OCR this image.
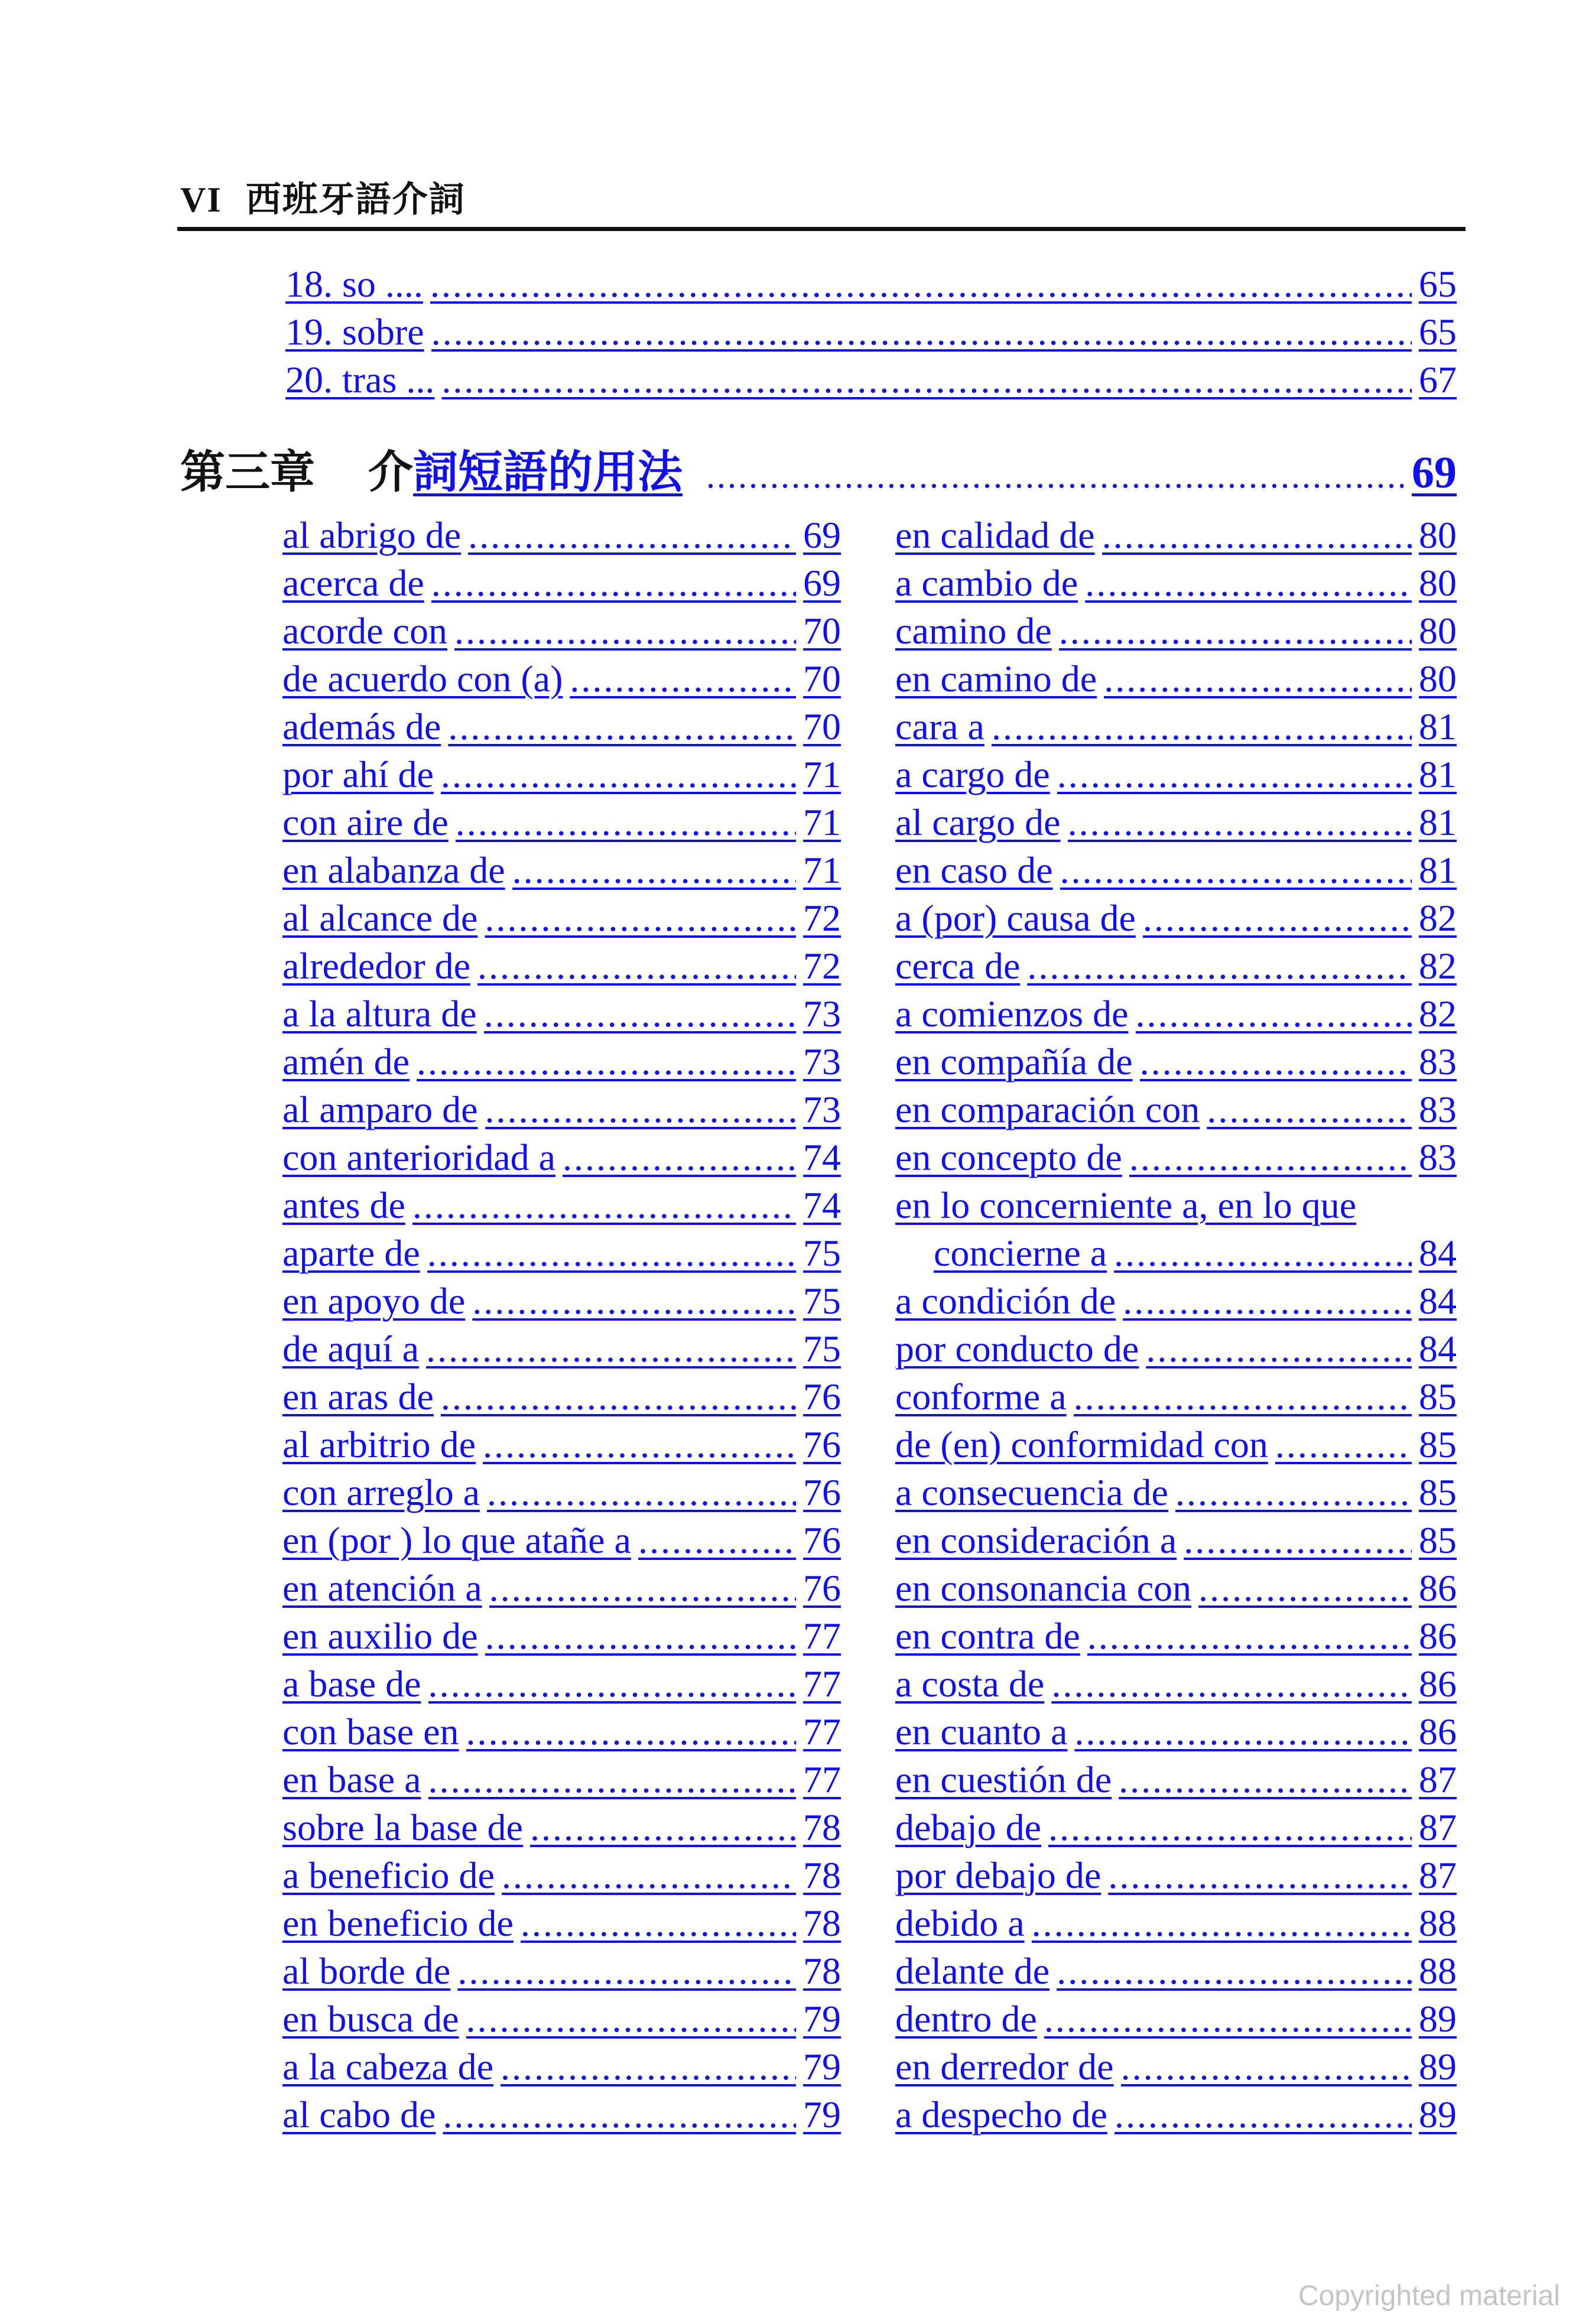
VI 西班牙語介詞
18. so .... .....	65
19. sobre .....	65
20. tras ... .....	67
第三章 介 詞短語的用法 .....	69
al abrigo de .....	69
acerca de .....	69
acorde con .....	70
de acuerdo con (a) .....	70
además de .....	70
por ahí de .....	71
con aire de .....	71
en alabanza de .....	71
al alcance de .....	72
alrededor de .....	72
a la altura de .....	73
amén de .....	73
al amparo de .....	73
con anterioridad a .....	74
antes de .....	74
aparte de .....	75
en apoyo de .....	75
de aquí a .....	75
en aras de .....	76
al arbitrio de .....	76
con arreglo a .....	76
en (por ) lo que atañe a .....	76
en atención a .....	76
en auxilio de .....	77
a base de .....	77
con base en .....	77
en base a .....	77
sobre la base de .....	78
a beneficio de .....	78
en beneficio de .....	78
al borde de .....	78
en busca de .....	79
a la cabeza de .....	79
al cabo de .....	79
en calidad de .....	80
a cambio de .....	80
camino de .....	80
en camino de .....	80
cara a .....	81
a cargo de .....	81
al cargo de .....	81
en caso de .....	81
a (por) causa de .....	82
cerca de .....	82
a comienzos de .....	82
en compañía de .....	83
en comparación con .....	83
en concepto de .....	83
en lo concerniente a, en lo que
concierne a .....	84
a condición de .....	84
por conducto de .....	84
conforme a .....	85
de (en) conformidad con .....	85
a consecuencia de .....	85
en consideración a .....	85
en consonancia con .....	86
en contra de .....	86
a costa de .....	86
en cuanto a .....	86
en cuestión de .....	87
debajo de .....	87
por debajo de .....	87
debido a .....	88
delante de .....	88
dentro de .....	89
en derredor de .....	89
a despecho de .....	89
Copyrighted material
